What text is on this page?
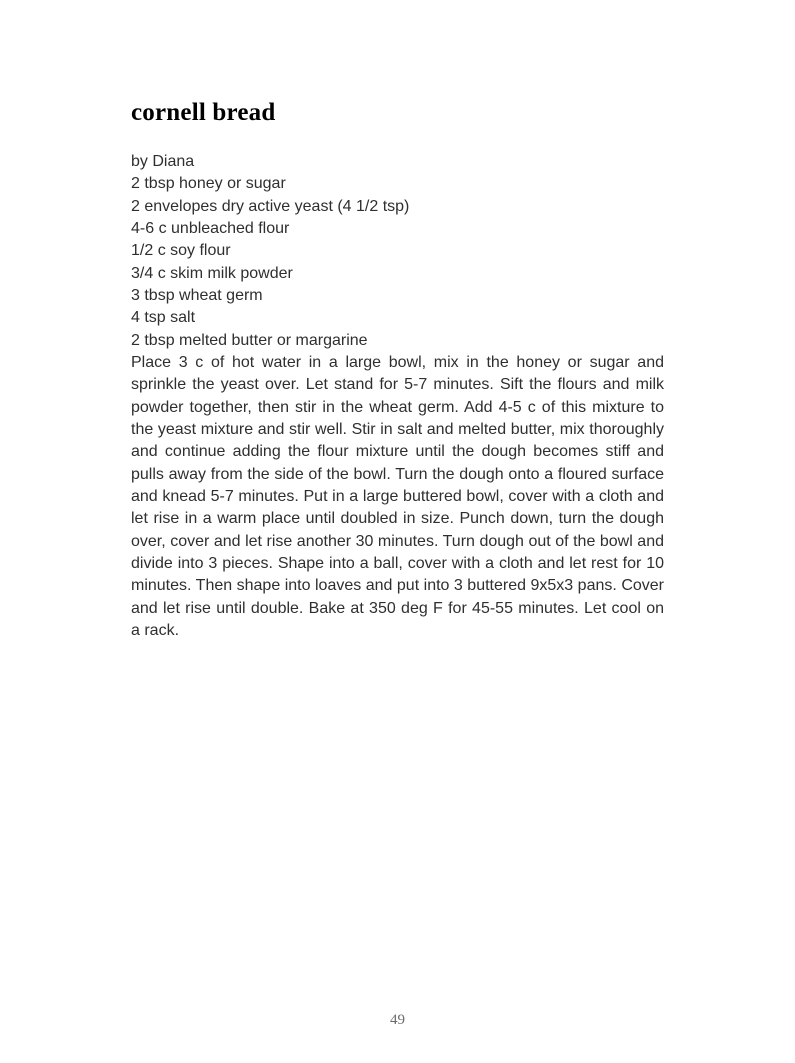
cornell bread
by Diana
2 tbsp honey or sugar
2 envelopes dry active yeast (4 1/2 tsp)
4-6 c unbleached flour
1/2 c soy flour
3/4 c skim milk powder
3 tbsp wheat germ
4 tsp salt
2 tbsp melted butter or margarine
Place 3 c of hot water in a large bowl, mix in the honey or sugar and sprinkle the yeast over. Let stand for 5-7 minutes. Sift the flours and milk powder together, then stir in the wheat germ. Add 4-5 c of this mixture to the yeast mixture and stir well. Stir in salt and melted butter, mix thoroughly and continue adding the flour mixture until the dough becomes stiff and pulls away from the side of the bowl. Turn the dough onto a floured surface and knead 5-7 minutes. Put in a large buttered bowl, cover with a cloth and let rise in a warm place until doubled in size. Punch down, turn the dough over, cover and let rise another 30 minutes. Turn dough out of the bowl and divide into 3 pieces. Shape into a ball, cover with a cloth and let rest for 10 minutes. Then shape into loaves and put into 3 buttered 9x5x3 pans. Cover and let rise until double. Bake at 350 deg F for 45-55 minutes. Let cool on a rack.
49
